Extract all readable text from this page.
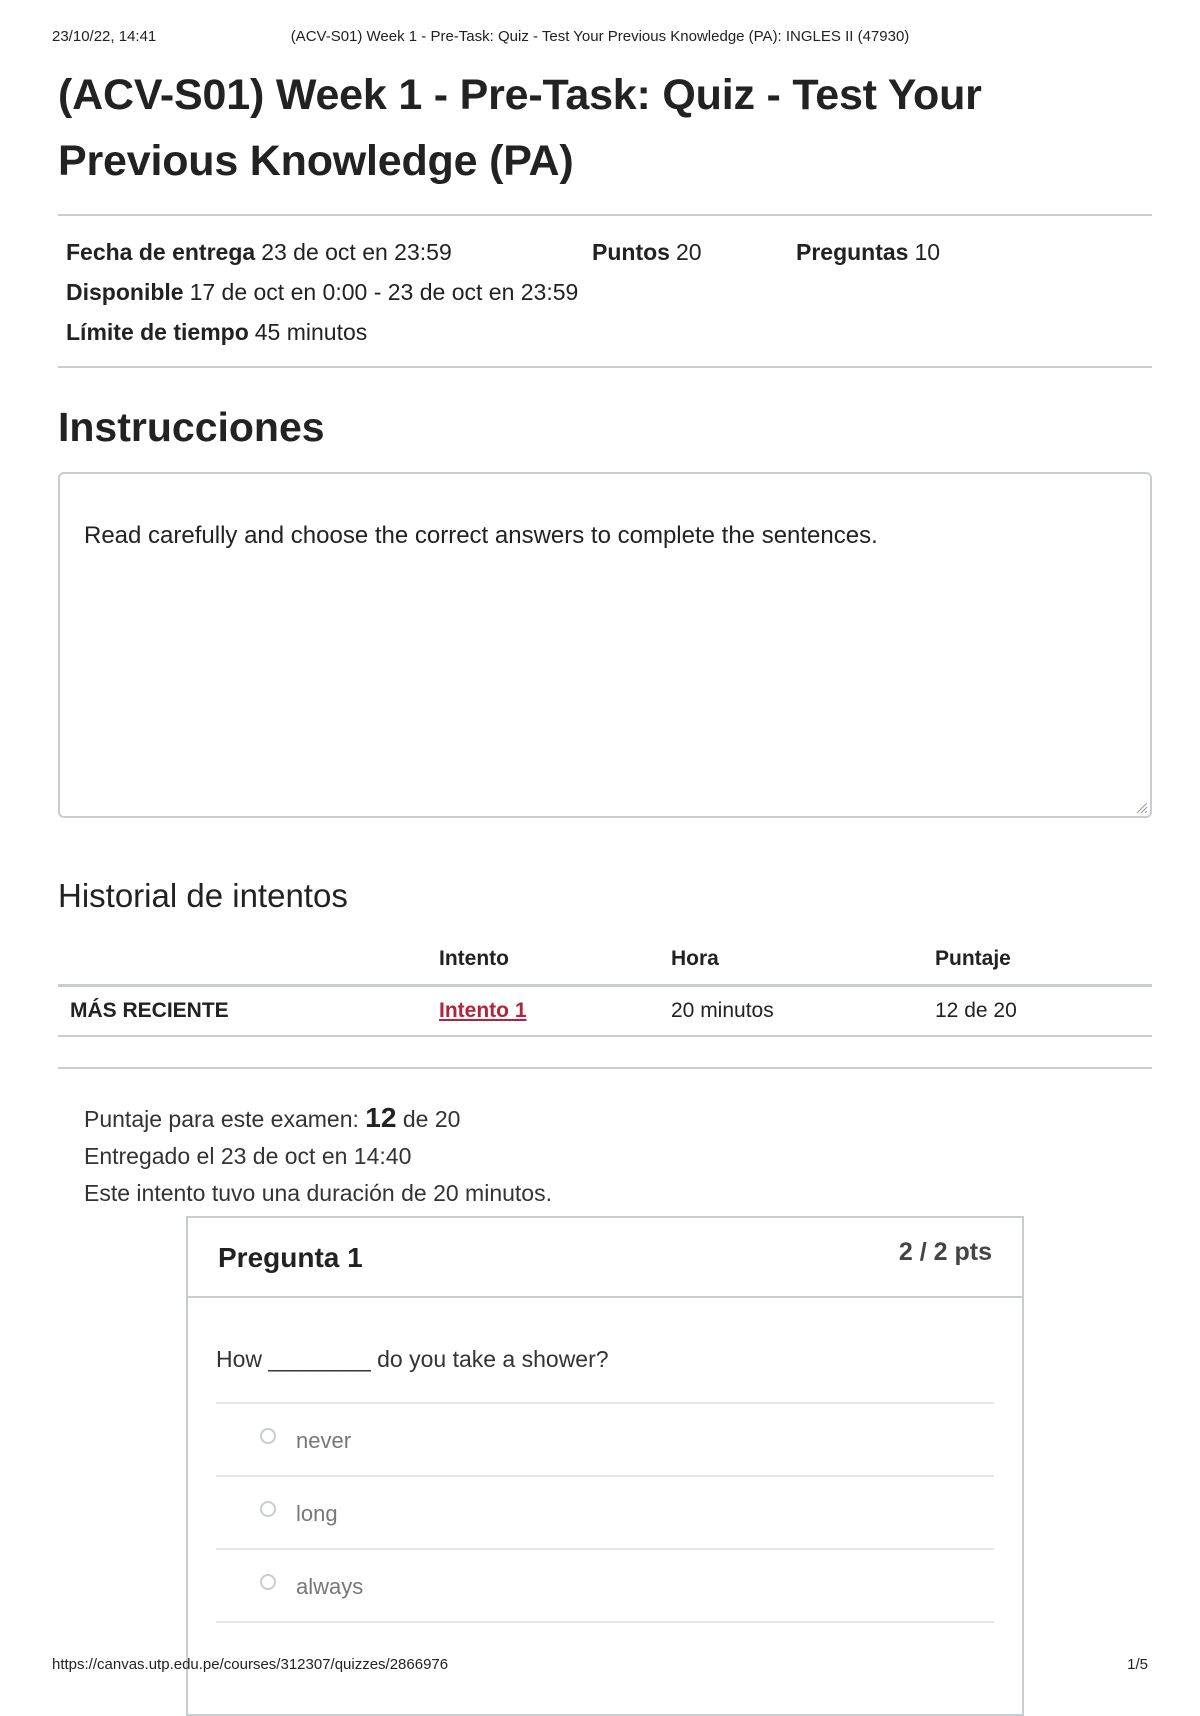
23/10/22, 14:41	(ACV-S01) Week 1 - Pre-Task: Quiz - Test Your Previous Knowledge (PA): INGLES II (47930)
(ACV-S01) Week 1 - Pre-Task: Quiz - Test Your Previous Knowledge (PA)
Fecha de entrega 23 de oct en 23:59	Puntos 20	Preguntas 10
Disponible 17 de oct en 0:00 - 23 de oct en 23:59
Límite de tiempo 45 minutos
Instrucciones
Read carefully and choose the correct answers to complete the sentences.
Historial de intentos
	Intento	Hora	Puntaje
MÁS RECIENTE	Intento 1	20 minutos	12 de 20
Puntaje para este examen: 12 de 20
Entregado el 23 de oct en 14:40
Este intento tuvo una duración de 20 minutos.
Pregunta 1	2 / 2 pts
How ________ do you take a shower?
never
long
always
https://canvas.utp.edu.pe/courses/312307/quizzes/2866976	1/5
